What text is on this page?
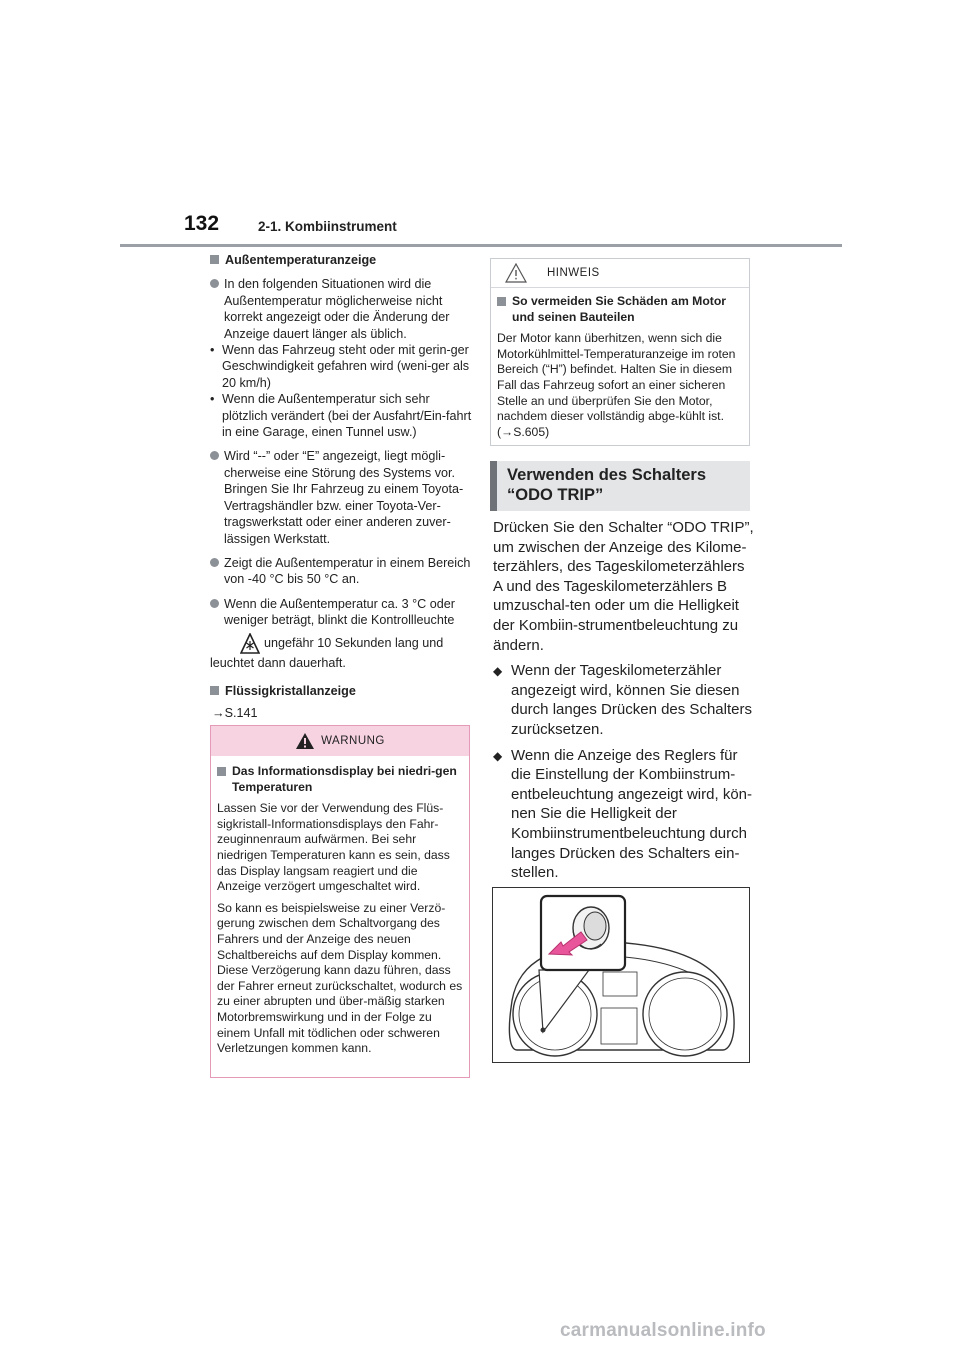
132	2-1. Kombiinstrument
Außentemperaturanzeige
In den folgenden Situationen wird die Außentemperatur möglicherweise nicht korrekt angezeigt oder die Änderung der Anzeige dauert länger als üblich.
• Wenn das Fahrzeug steht oder mit gerin-ger Geschwindigkeit gefahren wird (weni-ger als 20 km/h)
• Wenn die Außentemperatur sich sehr plötzlich verändert (bei der Ausfahrt/Ein-fahrt in eine Garage, einen Tunnel usw.)
Wird “--” oder “E” angezeigt, liegt mögli-cherweise eine Störung des Systems vor. Bringen Sie Ihr Fahrzeug zu einem Toyota-Vertragshändler bzw. einer Toyota-Ver-tragswerkstatt oder einer anderen zuver-lässigen Werkstatt.
Zeigt die Außentemperatur in einem Bereich von -40 °C bis 50 °C an.
Wenn die Außentemperatur ca. 3 °C oder weniger beträgt, blinkt die Kontrollleuchte
ungefähr 10 Sekunden lang und
leuchtet dann dauerhaft.
Flüssigkristallanzeige
→S.141
WARNUNG
Das Informationsdisplay bei niedri-gen Temperaturen

Lassen Sie vor der Verwendung des Flüs-sigkristall-Informationsdisplays den Fahr-zeuginnenraum aufwärmen. Bei sehr niedrigen Temperaturen kann es sein, dass das Display langsam reagiert und die Anzeige verzögert umgeschaltet wird.

So kann es beispielsweise zu einer Verzö-gerung zwischen dem Schaltvorgang des Fahrers und der Anzeige des neuen Schaltbereichs auf dem Display kommen. Diese Verzögerung kann dazu führen, dass der Fahrer erneut zurückschaltet, wodurch es zu einer abrupten und über-mäßig starken Motorbremswirkung und in der Folge zu einem Unfall mit tödlichen oder schweren Verletzungen kommen kann.

HINWEIS
So vermeiden Sie Schäden am Motor und seinen Bauteilen

Der Motor kann überhitzen, wenn sich die Motorkühlmittel-Temperaturanzeige im roten Bereich (“H”) befindet. Halten Sie in diesem Fall das Fahrzeug sofort an einer sicheren Stelle an und überprüfen Sie den Motor, nachdem dieser vollständig abge-kühlt ist. (→S.605)

Verwenden des Schalters
“ODO TRIP”

Drücken Sie den Schalter “ODO TRIP”, um zwischen der Anzeige des Kilome-terzählers, des Tageskilometerzählers A und des Tageskilometerzählers B umzuschal-ten oder um die Helligkeit der Kombiin-strumentbeleuchtung zu ändern.

◆ Wenn der Tageskilometerzähler angezeigt wird, können Sie diesen durch langes Drücken des Schalters zurücksetzen.
◆ Wenn die Anzeige des Reglers für die Einstellung der Kombiinstrum-entbeleuchtung angezeigt wird, kön-nen Sie die Helligkeit der Kombiinstrumentbeleuchtung durch langes Drücken des Schalters ein-stellen.
carmanualsonline.info
